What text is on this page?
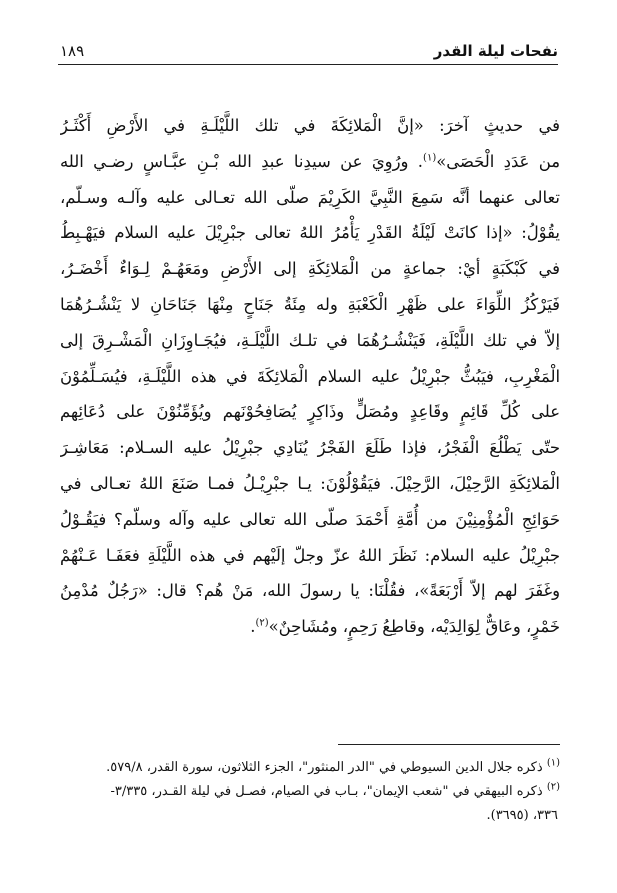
نفحات ليلة القدر
١٨٩
في حديثٍ آخرَ: «إنَّ الْمَلائِكَةَ في تلك اللَّيْلَـةِ في الأَرْضِ أَكْثَـرُ
من عَدَدِ الْحَصَى»$^{(١)}$. ورُوِيَ عن سيدِنا عبدِ الله بْـنِ عبَّـاسٍ رضـي الله
تعالى عنهما أنَّه سَمِعَ النَّبِيَّ الكَرِيْمَ صلّى الله تعـالى عليه وآلـه وسـلّم،
يقُوْلُ: «إذا كانَتْ لَيْلَةُ القَدْرِ يَأْمُرُ اللهُ تعالى جبْرِيْلَ عليه السلام فيَهْـبِطُ
في كَبْكَبَةٍ أيْ: جماعةٍ من الْمَلائِكَةِ إلى الأَرْضِ ومَعَهُـمْ لِـوَاءٌ أَخْضَـرُ،
فَيَرْكُزُ اللِّوَاءَ على ظَهْرِ الْكَعْبَةِ وله مِئَةُ جَنَاحٍ مِنْهَا جَنَاحَانِ لا يَنْشُـرُهُمَا
إلاّ في تلك اللَّيْلَةِ، فَيَنْشُـرُهُمَا في تلـك اللَّيْلَـةِ، فيُجَـاوِزَانِ الْمَشْـرِقَ إلى
الْمَغْرِبِ، فيَبُثُّ جبْرِيْلُ عليه السلام الْمَلائِكَةَ في هذه اللَّيْلَـةِ، فيُسَـلِّمُوْنَ
على كُلِّ قَائِمٍ وقَاعِدٍ ومُصَلٍّ وذَاكِرٍ يُصَافِحُوْنَهم ويُؤَمِّنُوْنَ على دُعَائِهم
حتّى يَطْلُعَ الْفَجْرُ، فإذا طَلَعَ الفَجْرُ يُنَادِي جبْرِيْلُ عليه السـلام: مَعَاشِـرَ
الْمَلائِكَةِ الرَّحِيْلَ، الرَّحِيْلَ. فيَقُوْلُوْنَ: يـا جبْرِيْـلُ فمـا صَنَعَ اللهُ تعـالى في
حَوَائِجِ الْمُؤْمِنِيْنَ من أُمَّةِ أَحْمَدَ صلّى الله تعالى عليه وآله وسلّم؟ فيَقُـوْلُ
جبْرِيْلُ عليه السلام: نَظَرَ اللهُ عزّ وجلّ إلَيْهم في هذه اللَّيْلَةِ فعَفَـا عَـنْهُمْ
وغَفَرَ لهم إلاّ أَرْبَعَةً»، فقُلْنَا: يا رسولَ الله، مَنْ هُم؟ قال: «رَجُلٌ مُدْمِنُ
خَمْرٍ، وعَاقٌّ لِوَالِدَيْه، وقاطِعُ رَحِمٍ، ومُشَاحِنٌ»$^{(٢)}$.
$^{(١)}$ ذكره جلال الدين السيوطي في "الدر المنثور"، الجزء الثلاثون، سورة القدر، ٥٧٩/٨.
$^{(٢)}$ ذكره البيهقي في "شعب الإيمان"، بـاب في الصيام، فصـل في ليلة القـدر، ٣/٣٣٥-
٣٣٦، (٣٦٩٥).
